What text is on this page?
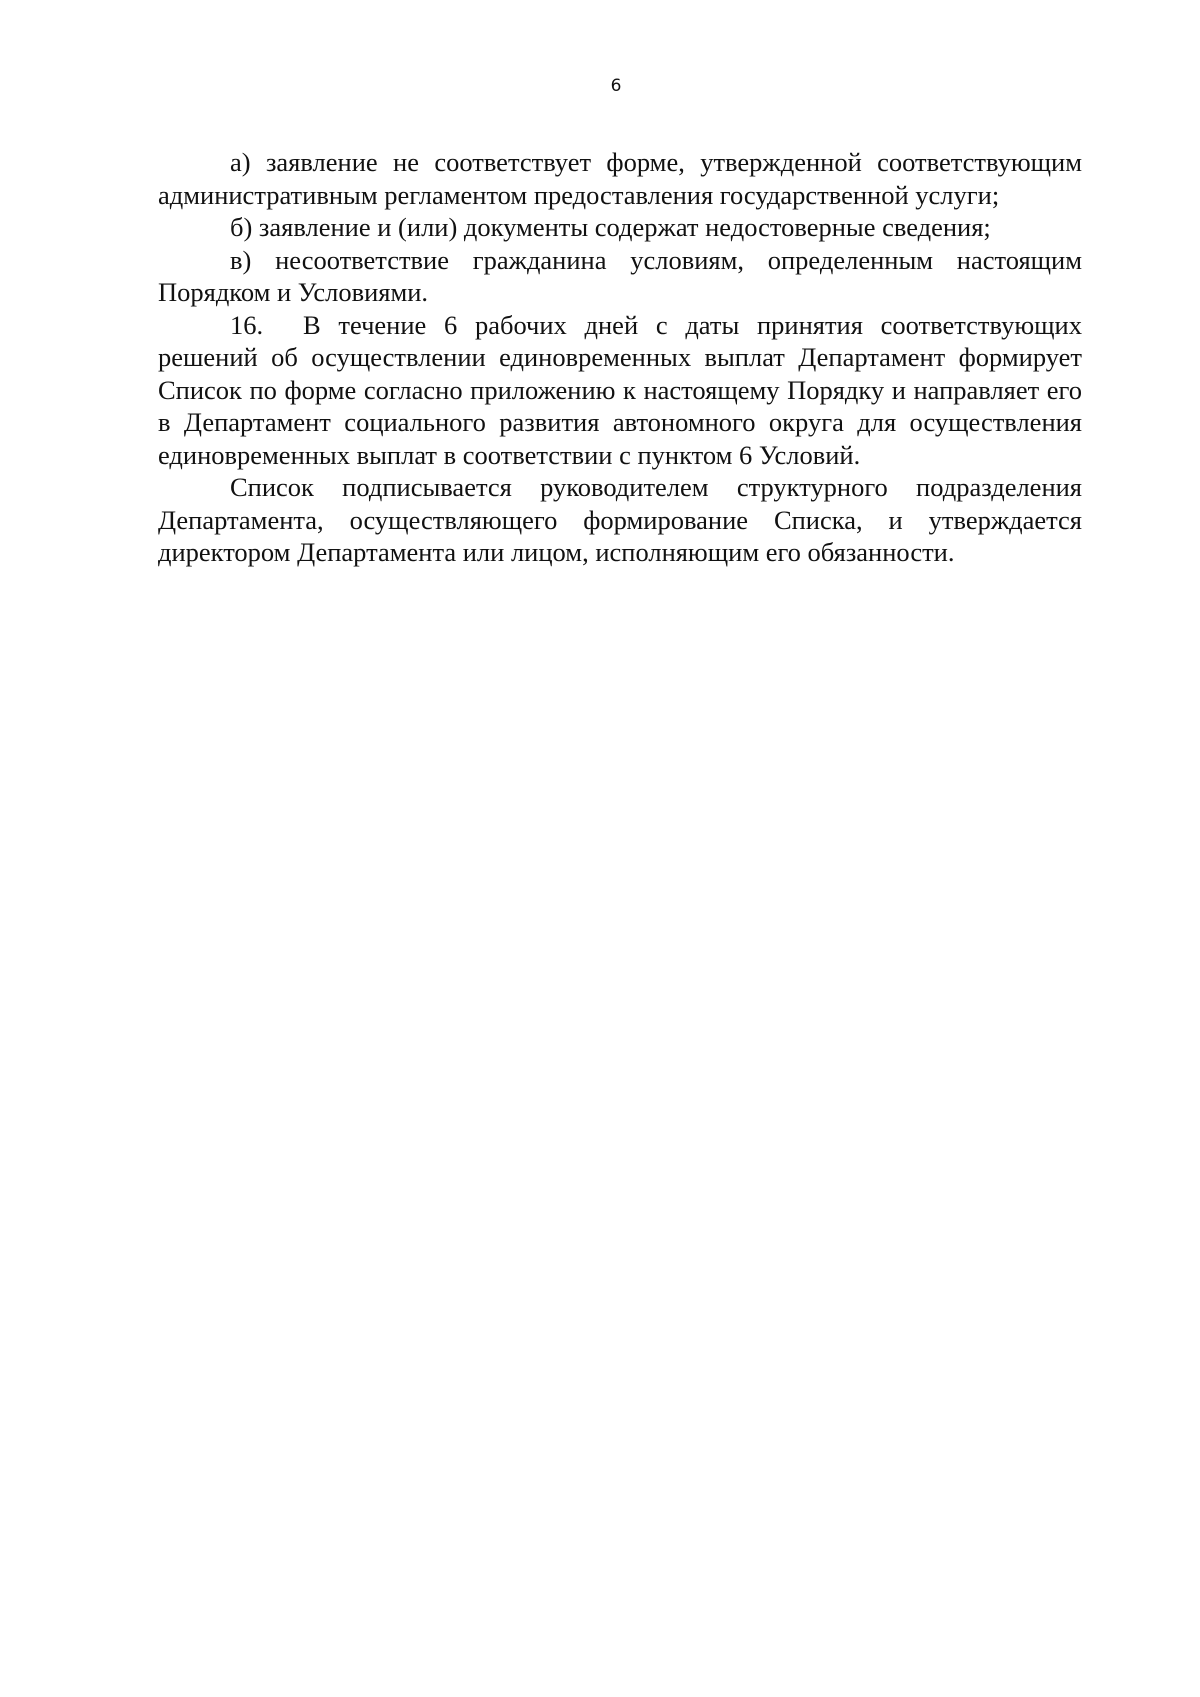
6

а) заявление не соответствует форме, утвержденной соответствующим административным регламентом предоставления государственной услуги;

б) заявление и (или) документы содержат недостоверные сведения;

в) несоответствие гражданина условиям, определенным настоящим Порядком и Условиями.

16. В течение 6 рабочих дней с даты принятия соответствующих решений об осуществлении единовременных выплат Департамент формирует Список по форме согласно приложению к настоящему Порядку и направляет его в Департамент социального развития автономного округа для осуществления единовременных выплат в соответствии с пунктом 6 Условий.

Список подписывается руководителем структурного подразделения Департамента, осуществляющего формирование Списка, и утверждается директором Департамента или лицом, исполняющим его обязанности.
